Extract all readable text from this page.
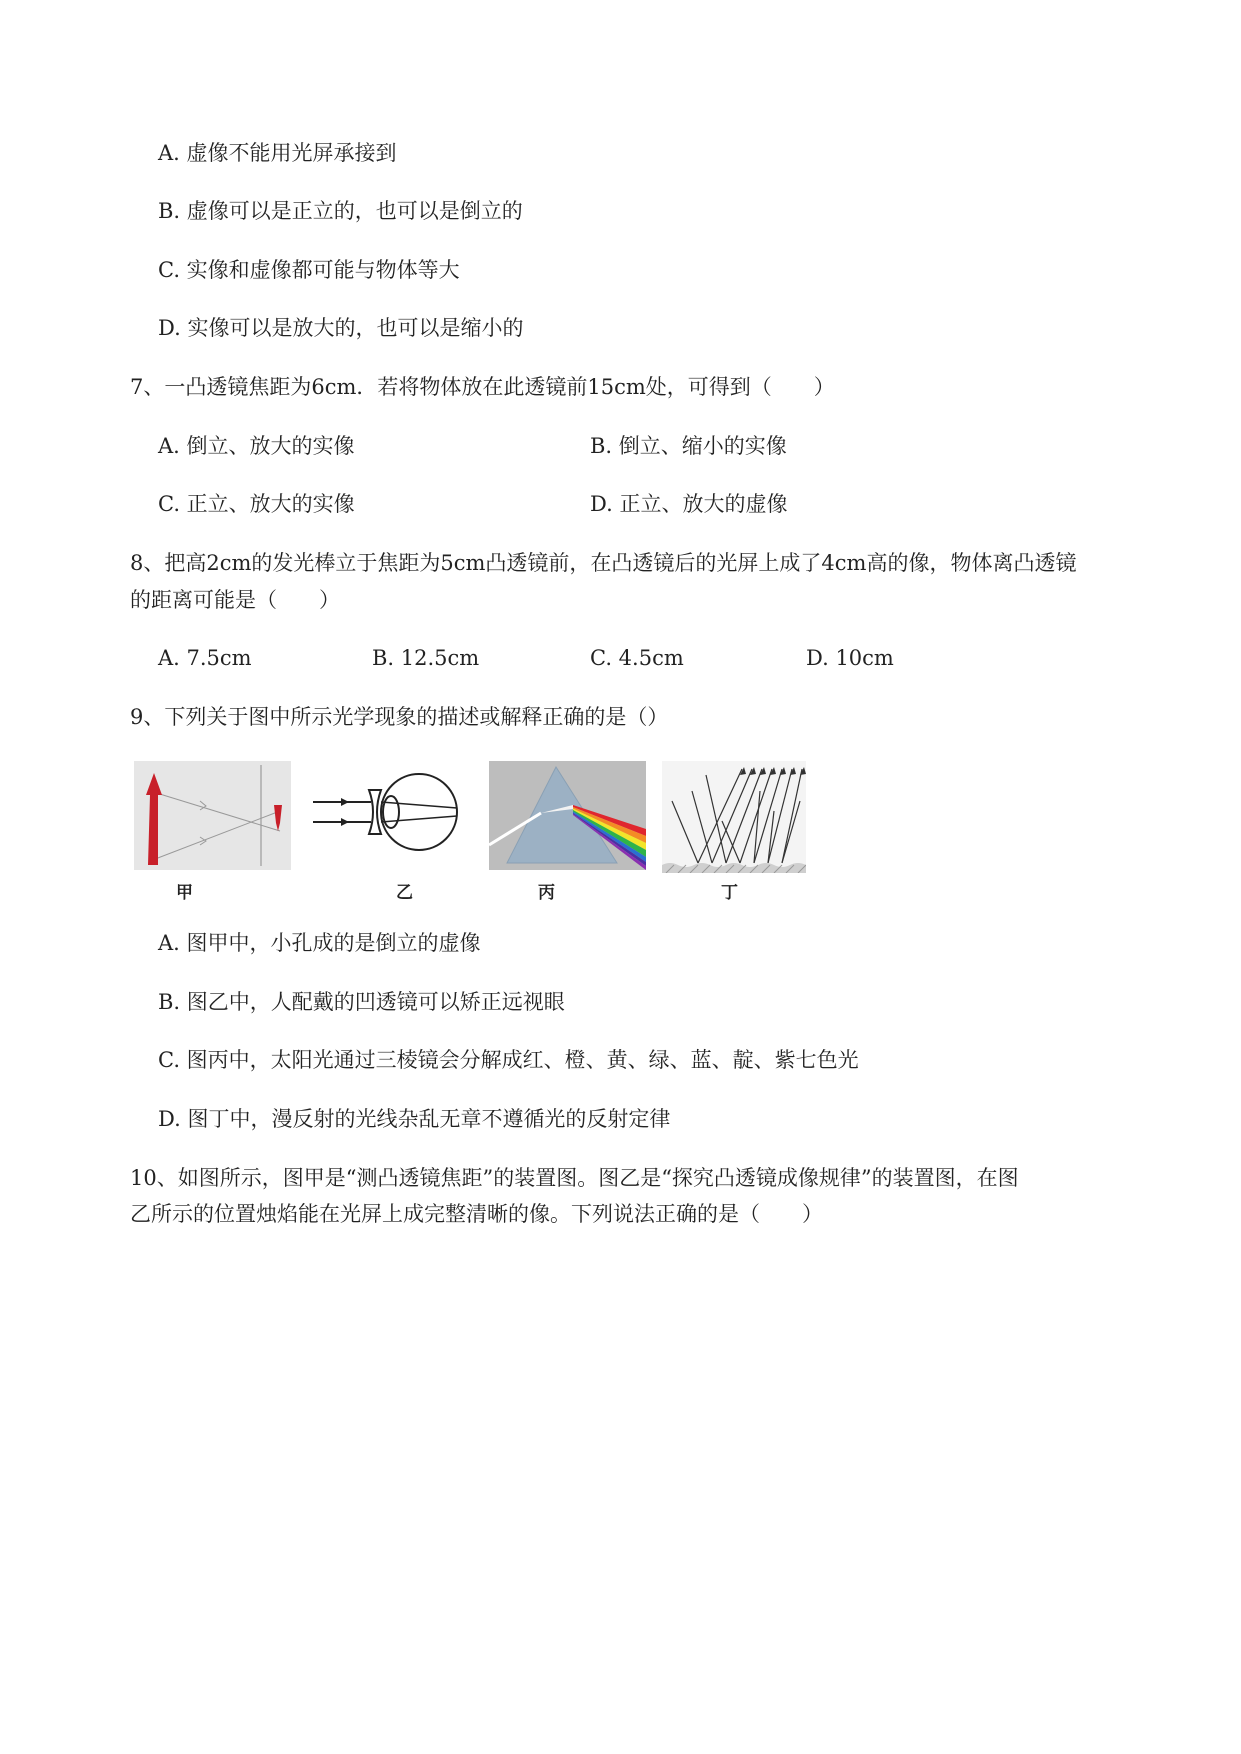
A. 虚像不能用光屏承接到
B. 虚像可以是正立的，也可以是倒立的
C. 实像和虚像都可能与物体等大
D. 实像可以是放大的，也可以是缩小的
7、一凸透镜焦距为6cm．若将物体放在此透镜前15cm处，可得到（　　）
A. 倒立、放大的实像	B. 倒立、缩小的实像
C. 正立、放大的实像	D. 正立、放大的虚像
8、把高2cm的发光棒立于焦距为5cm凸透镜前，在凸透镜后的光屏上成了4cm高的像，物体离凸透镜
的距离可能是（　　）
A. 7.5cm	B. 12.5cm	C. 4.5cm	D. 10cm
9、下列关于图中所示光学现象的描述或解释正确的是（）
甲	乙	丙	丁
A. 图甲中，小孔成的是倒立的虚像
B. 图乙中，人配戴的凹透镜可以矫正远视眼
C. 图丙中，太阳光通过三棱镜会分解成红、橙、黄、绿、蓝、靛、紫七色光
D. 图丁中，漫反射的光线杂乱无章不遵循光的反射定律
10、如图所示，图甲是“测凸透镜焦距”的装置图。图乙是“探究凸透镜成像规律”的装置图，在图
乙所示的位置烛焰能在光屏上成完整清晰的像。下列说法正确的是（　　）
